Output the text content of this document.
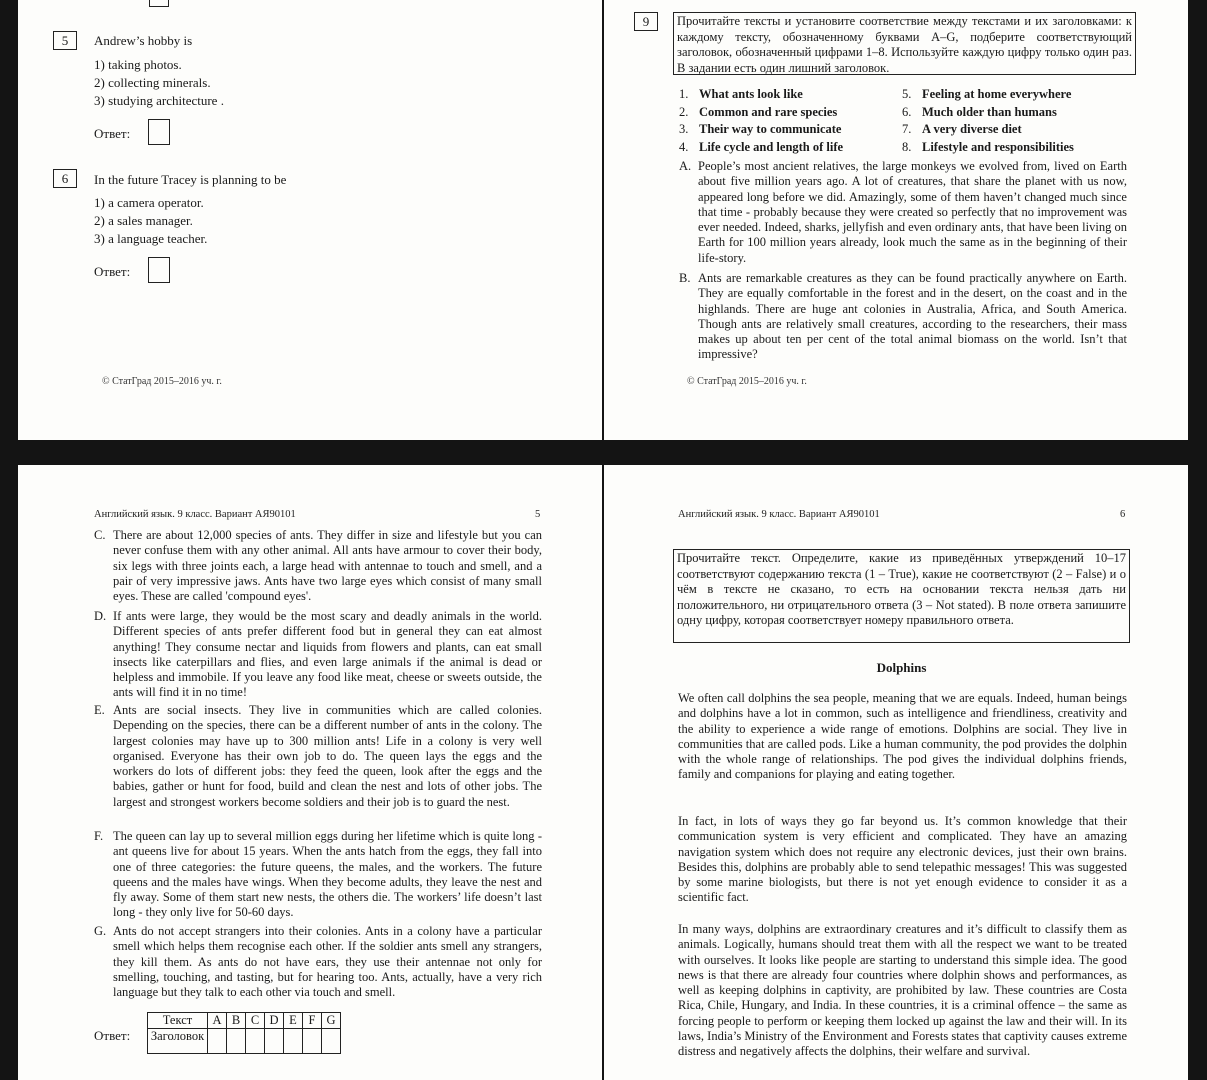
5	Andrew’s hobby is
1) taking photos.
2) collecting minerals.
3) studying architecture .
Ответ:
6	In the future Tracey is planning to be
1) a camera operator.
2) a sales manager.
3) a language teacher.
Ответ:
© СтатГрад 2015–2016 уч. г.
9	Прочитайте тексты и установите соответствие между текстами и их заголовками: к каждому тексту, обозначенному буквами A–G, подберите соответствующий заголовок, обозначенный цифрами 1–8. Используйте каждую цифру только один раз. В задании есть один лишний заголовок.
1. What ants look like
2. Common and rare species
3. Their way to communicate
4. Life cycle and length of life
5. Feeling at home everywhere
6. Much older than humans
7. A very diverse diet
8. Lifestyle and responsibilities
A. People’s most ancient relatives, the large monkeys we evolved from, lived on Earth about five million years ago. A lot of creatures, that share the planet with us now, appeared long before we did. Amazingly, some of them haven’t changed much since that time - probably because they were created so perfectly that no improvement was ever needed. Indeed, sharks, jellyfish and even ordinary ants, that have been living on Earth for 100 million years already, look much the same as in the beginning of their life-story.
B. Ants are remarkable creatures as they can be found practically anywhere on Earth. They are equally comfortable in the forest and in the desert, on the coast and in the highlands. There are huge ant colonies in Australia, Africa, and South America. Though ants are relatively small creatures, according to the researchers, their mass makes up about ten per cent of the total animal biomass on the world. Isn’t that impressive?
© СтатГрад 2015–2016 уч. г.
Английский язык. 9 класс. Вариант АЯ90101	5
C. There are about 12,000 species of ants. They differ in size and lifestyle but you can never confuse them with any other animal. All ants have armour to cover their body, six legs with three joints each, a large head with antennae to touch and smell, and a pair of very impressive jaws. Ants have two large eyes which consist of many small eyes. These are called 'compound eyes'.
D. If ants were large, they would be the most scary and deadly animals in the world. Different species of ants prefer different food but in general they can eat almost anything! They consume nectar and liquids from flowers and plants, can eat small insects like caterpillars and flies, and even large animals if the animal is dead or helpless and immobile. If you leave any food like meat, cheese or sweets outside, the ants will find it in no time!
E. Ants are social insects. They live in communities which are called colonies. Depending on the species, there can be a different number of ants in the colony. The largest colonies may have up to 300 million ants! Life in a colony is very well organised. Everyone has their own job to do. The queen lays the eggs and the workers do lots of different jobs: they feed the queen, look after the eggs and the babies, gather or hunt for food, build and clean the nest and lots of other jobs. The largest and strongest workers become soldiers and their job is to guard the nest.
F. The queen can lay up to several million eggs during her lifetime which is quite long - ant queens live for about 15 years. When the ants hatch from the eggs, they fall into one of three categories: the future queens, the males, and the workers. The future queens and the males have wings. When they become adults, they leave the nest and fly away. Some of them start new nests, the others die. The workers’ life doesn’t last long - they only live for 50-60 days.
G. Ants do not accept strangers into their colonies. Ants in a colony have a particular smell which helps them recognise each other. If the soldier ants smell any strangers, they kill them. As ants do not have ears, they use their antennae not only for smelling, touching, and tasting, but for hearing too. Ants, actually, have a very rich language but they talk to each other via touch and smell.
Ответ:
Текст	A	B	C	D	E	F	G
Заголовок							
Английский язык. 9 класс. Вариант АЯ90101	6
Прочитайте текст. Определите, какие из приведённых утверждений 10–17 соответствуют содержанию текста (1 – True), какие не соответствуют (2 – False) и о чём в тексте не сказано, то есть на основании текста нельзя дать ни положительного, ни отрицательного ответа (3 – Not stated). В поле ответа запишите одну цифру, которая соответствует номеру правильного ответа.
Dolphins
We often call dolphins the sea people, meaning that we are equals. Indeed, human beings and dolphins have a lot in common, such as intelligence and friendliness, creativity and the ability to experience a wide range of emotions. Dolphins are social. They live in communities that are called pods. Like a human community, the pod provides the dolphin with the whole range of relationships. The pod gives the individual dolphins friends, family and companions for playing and eating together.
In fact, in lots of ways they go far beyond us. It’s common knowledge that their communication system is very efficient and complicated. They have an amazing navigation system which does not require any electronic devices, just their own brains. Besides this, dolphins are probably able to send telepathic messages! This was suggested by some marine biologists, but there is not yet enough evidence to consider it as a scientific fact.
In many ways, dolphins are extraordinary creatures and it’s difficult to classify them as animals. Logically, humans should treat them with all the respect we want to be treated with ourselves. It looks like people are starting to understand this simple idea. The good news is that there are already four countries where dolphin shows and performances, as well as keeping dolphins in captivity, are prohibited by law. These countries are Costa Rica, Chile, Hungary, and India. In these countries, it is a criminal offence – the same as forcing people to perform or keeping them locked up against the law and their will. In its laws, India’s Ministry of the Environment and Forests states that captivity causes extreme distress and negatively affects the dolphins, their welfare and survival.
